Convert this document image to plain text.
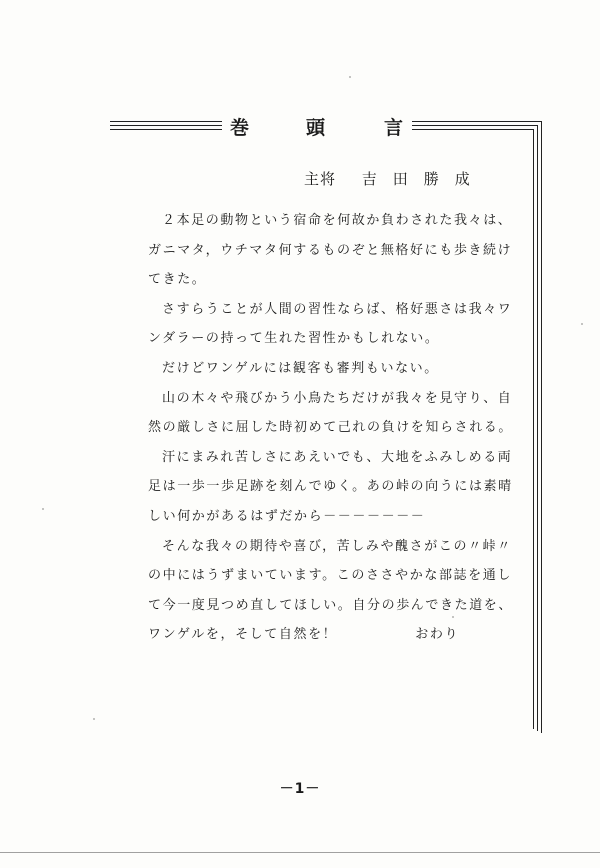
巻	頭	言
主将 吉田勝成
２本足の動物という宿命を何故か負わされた我々は、
ガニマタ，ウチマタ何するものぞと無格好にも歩き続け
てきた。
さすらうことが人間の習性ならば、格好悪さは我々ワ
ンダラーの持って生れた習性かもしれない。
だけどワンゲルには観客も審判もいない。
山の木々や飛びかう小鳥たちだけが我々を見守り、自
然の厳しさに屈した時初めて己れの負けを知らされる。
汗にまみれ苦しさにあえいでも、大地をふみしめる両
足は一歩一歩足跡を刻んでゆく。あの峠の向うには素晴
しい何かがあるはずだから－－－－－－－
そんな我々の期待や喜び，苦しみや醜さがこの〃峠〃
の中にはうずまいています。このささやかな部誌を通し
て今一度見つめ直してほしい。自分の歩んできた道を、
ワンゲルを，そして自然を！	おわり
－1－
